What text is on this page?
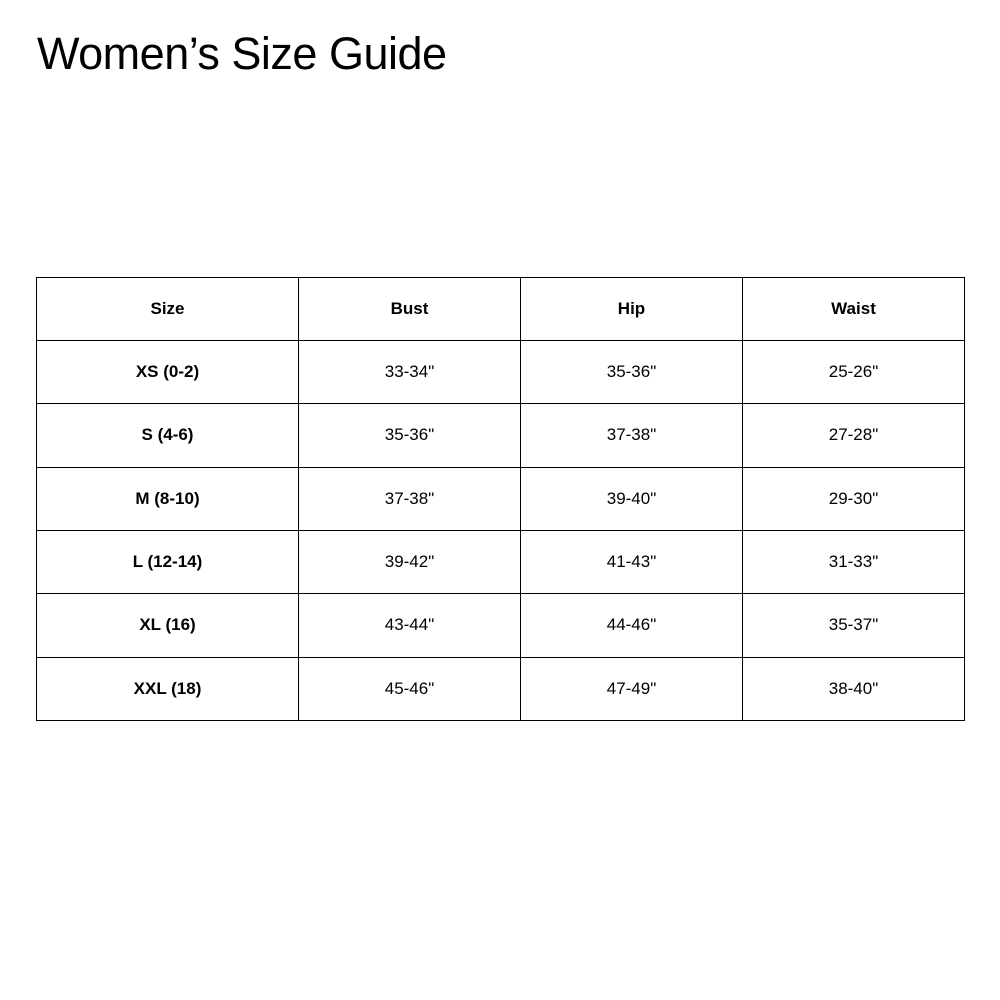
Women’s Size Guide
Size	Bust	Hip	Waist
XS (0-2)	33-34"	35-36"	25-26"
S (4-6)	35-36"	37-38"	27-28"
M (8-10)	37-38"	39-40"	29-30"
L (12-14)	39-42"	41-43"	31-33"
XL (16)	43-44"	44-46"	35-37"
XXL (18)	45-46"	47-49"	38-40"
